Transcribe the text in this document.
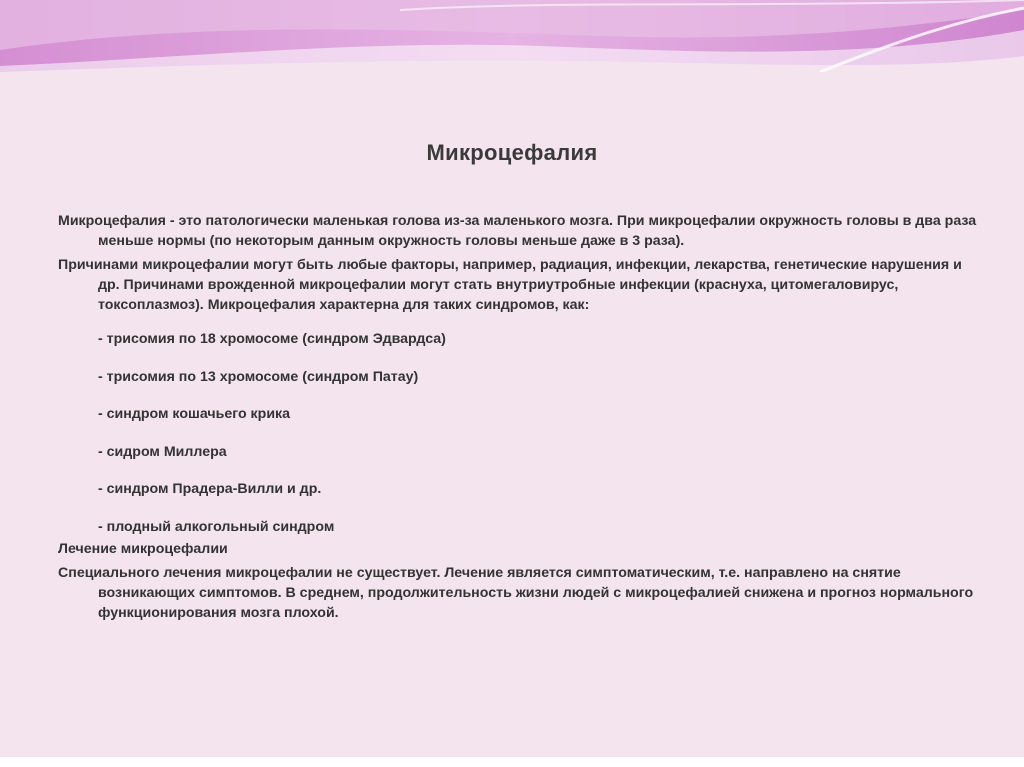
Микроцефалия

Микроцефалия - это патологически маленькая голова из-за маленького мозга. При микроцефалии окружность головы в два раза меньше нормы (по некоторым данным окружность головы меньше даже в 3 раза).

Причинами микроцефалии могут быть любые факторы, например, радиация, инфекции, лекарства, генетические нарушения и др. Причинами врожденной микроцефалии могут стать внутриутробные инфекции (краснуха, цитомегаловирус, токсоплазмоз). Микроцефалия характерна для таких синдромов, как:

- трисомия по 18 хромосоме (синдром Эдвардса)
- трисомия по 13 хромосоме (синдром Патау)
- синдром кошачьего крика
- сидром Миллера
- синдром Прадера-Вилли и др.
- плодный алкогольный синдром

Лечение микроцефалии

Специального лечения микроцефалии не существует. Лечение является симптоматическим, т.е. направлено на снятие возникающих симптомов. В среднем, продолжительность жизни людей с микроцефалией снижена и прогноз нормального функционирования мозга плохой.
